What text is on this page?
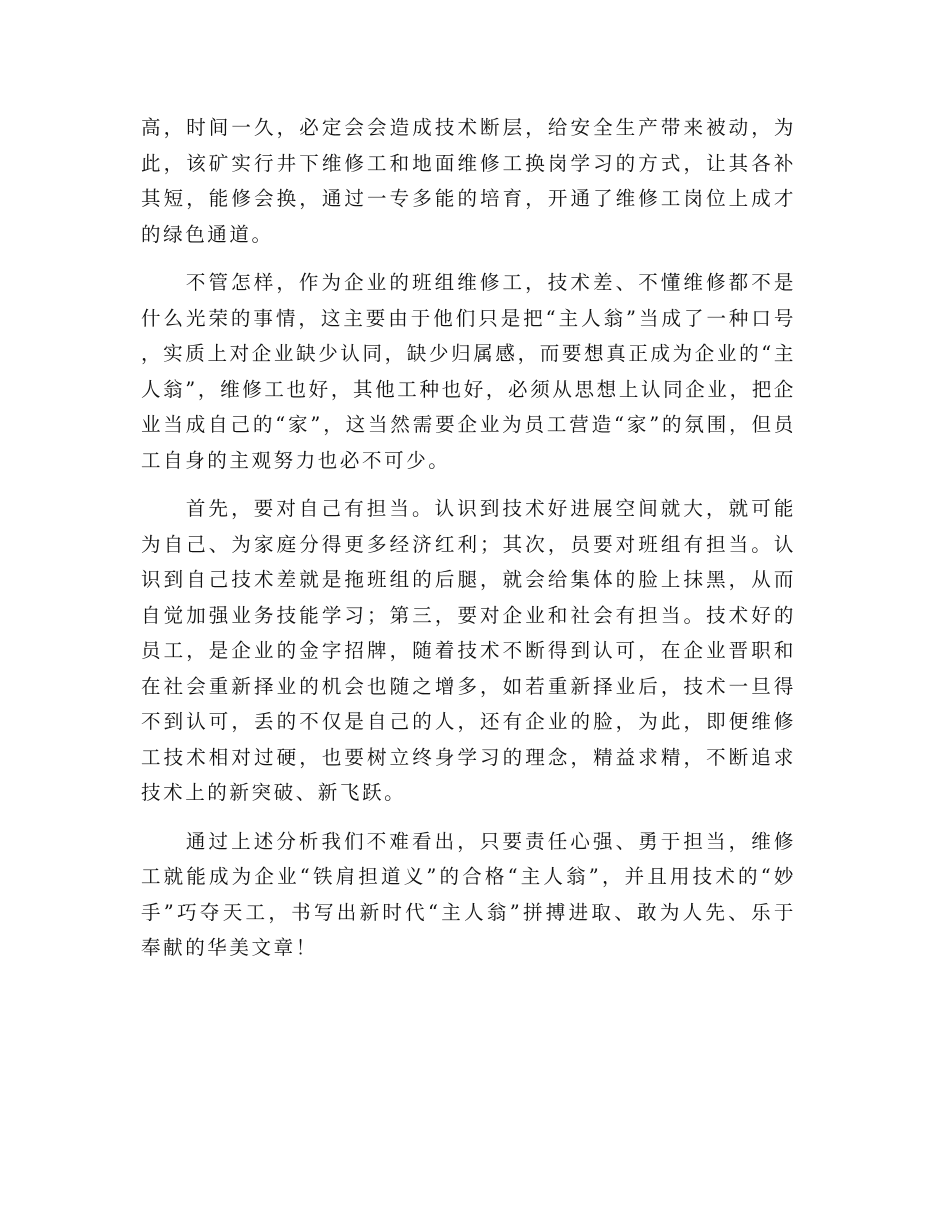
高，时间一久，必定会会造成技术断层，给安全生产带来被动，为此，该矿实行井下维修工和地面维修工换岗学习的方式，让其各补其短，能修会换，通过一专多能的培育，开通了维修工岗位上成才的绿色通道。

不管怎样，作为企业的班组维修工，技术差、不懂维修都不是什么光荣的事情，这主要由于他们只是把“主人翁”当成了一种口号，实质上对企业缺少认同，缺少归属感，而要想真正成为企业的“主人翁”，维修工也好，其他工种也好，必须从思想上认同企业，把企业当成自己的“家”，这当然需要企业为员工营造“家”的氛围，但员工自身的主观努力也必不可少。

首先，要对自己有担当。认识到技术好进展空间就大，就可能为自己、为家庭分得更多经济红利；其次，员要对班组有担当。认识到自己技术差就是拖班组的后腿，就会给集体的脸上抹黑，从而自觉加强业务技能学习；第三，要对企业和社会有担当。技术好的员工，是企业的金字招牌，随着技术不断得到认可，在企业晋职和在社会重新择业的机会也随之增多，如若重新择业后，技术一旦得不到认可，丢的不仅是自己的人，还有企业的脸，为此，即便维修工技术相对过硬，也要树立终身学习的理念，精益求精，不断追求技术上的新突破、新飞跃。

通过上述分析我们不难看出，只要责任心强、勇于担当，维修工就能成为企业“铁肩担道义”的合格“主人翁”，并且用技术的“妙手”巧夺天工，书写出新时代“主人翁”拼搏进取、敢为人先、乐于奉献的华美文章！
